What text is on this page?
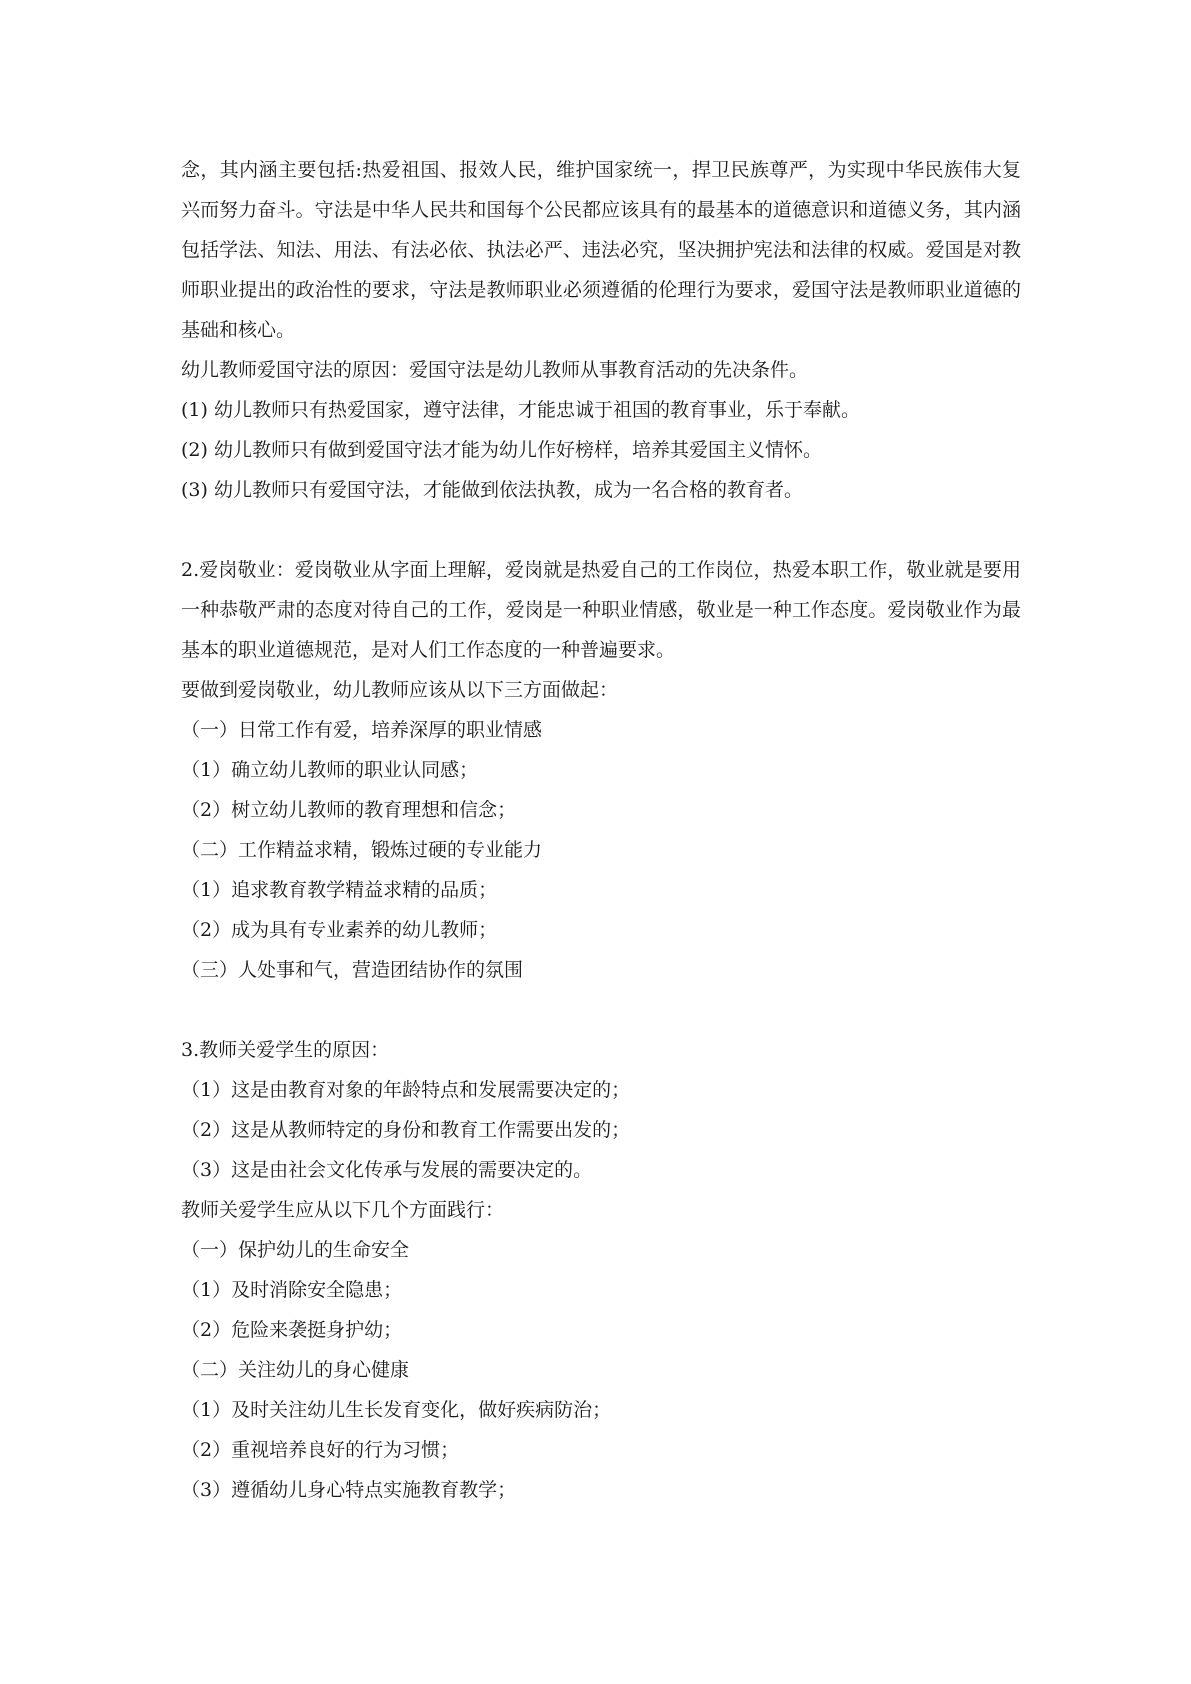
念，其内涵主要包括:热爱祖国、报效人民，维护国家统一，捍卫民族尊严，为实现中华民族伟大复兴而努力奋斗。守法是中华人民共和国每个公民都应该具有的最基本的道德意识和道德义务，其内涵包括学法、知法、用法、有法必依、执法必严、违法必究，坚决拥护宪法和法律的权威。爱国是对教师职业提出的政治性的要求，守法是教师职业必须遵循的伦理行为要求，爱国守法是教师职业道德的基础和核心。

幼儿教师爱国守法的原因：爱国守法是幼儿教师从事教育活动的先决条件。

(1) 幼儿教师只有热爱国家，遵守法律，才能忠诚于祖国的教育事业，乐于奉献。

(2) 幼儿教师只有做到爱国守法才能为幼儿作好榜样，培养其爱国主义情怀。

(3) 幼儿教师只有爱国守法，才能做到依法执教，成为一名合格的教育者。

2.爱岗敬业：爱岗敬业从字面上理解，爱岗就是热爱自己的工作岗位，热爱本职工作，敬业就是要用一种恭敬严肃的态度对待自己的工作，爱岗是一种职业情感，敬业是一种工作态度。爱岗敬业作为最基本的职业道德规范，是对人们工作态度的一种普遍要求。

要做到爱岗敬业，幼儿教师应该从以下三方面做起：

（一）日常工作有爱，培养深厚的职业情感

（1）确立幼儿教师的职业认同感；

（2）树立幼儿教师的教育理想和信念；

（二）工作精益求精，锻炼过硬的专业能力

（1）追求教育教学精益求精的品质；

（2）成为具有专业素养的幼儿教师；

（三）人处事和气，营造团结协作的氛围

3.教师关爱学生的原因：

（1）这是由教育对象的年龄特点和发展需要决定的；

（2）这是从教师特定的身份和教育工作需要出发的；

（3）这是由社会文化传承与发展的需要决定的。

教师关爱学生应从以下几个方面践行：

（一）保护幼儿的生命安全

（1）及时消除安全隐患；

（2）危险来袭挺身护幼；

（二）关注幼儿的身心健康

（1）及时关注幼儿生长发育变化，做好疾病防治；

（2）重视培养良好的行为习惯；

（3）遵循幼儿身心特点实施教育教学；
